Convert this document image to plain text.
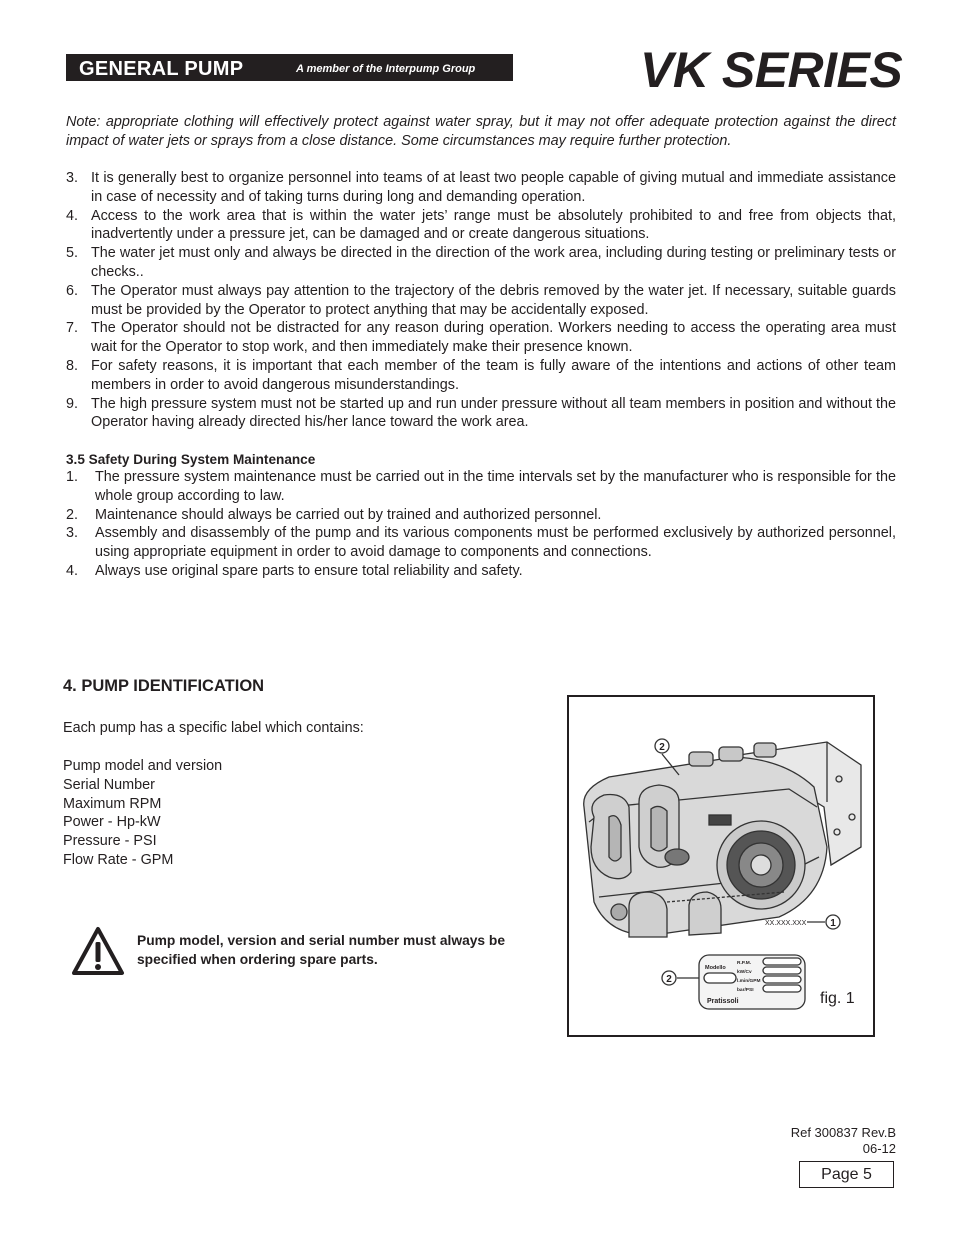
GENERAL PUMP	A member of the Interpump Group	VK SERIES
Note: appropriate clothing will effectively protect against water spray, but it may not offer adequate protection against the direct impact of water jets or sprays from a close distance. Some circumstances may require further protection.
3. It is generally best to organize personnel into teams of at least two people capable of giving mutual and immediate assistance in case of necessity and of taking turns during long and demanding operation.
4. Access to the work area that is within the water jets’ range must be absolutely prohibited to and free from objects that, inadvertently under a pressure jet, can be damaged and or create dangerous situations.
5. The water jet must only and always be directed in the direction of the work area, including during testing or preliminary tests or checks..
6. The Operator must always pay attention to the trajectory of the debris removed by the water jet. If necessary, suitable guards must be provided by the Operator to protect anything that may be accidentally exposed.
7. The Operator should not be distracted for any reason during operation. Workers needing to access the operating area must wait for the Operator to stop work, and then immediately make their presence known.
8. For safety reasons, it is important that each member of the team is fully aware of the intentions and actions of other team members in order to avoid dangerous misunderstandings.
9. The high pressure system must not be started up and run under pressure without all team members in position and without the Operator having already directed his/her lance toward the work area.
3.5 Safety During System Maintenance
1. The pressure system maintenance must be carried out in the time intervals set by the manufacturer who is responsible for the whole group according to law.
2. Maintenance should always be carried out by trained and authorized personnel.
3. Assembly and disassembly of the pump and its various components must be performed exclusively by authorized personnel, using appropriate equipment in order to avoid damage to components and connections.
4. Always use original spare parts to ensure total reliability and safety.
4. PUMP IDENTIFICATION
Each pump has a specific label which contains:
Pump model and version
Serial Number
Maximum RPM
Power - Hp-kW
Pressure - PSI
Flow Rate - GPM
Pump model, version and serial number must always be specified when ordering spare parts.
2
1
2
XX.XXX.XXX
Modello
R.P.M.
kW/Cv
l.min/GPM
bar/PSI
Pratissoli	fig. 1
Ref 300837 Rev.B
06-12
Page 5
